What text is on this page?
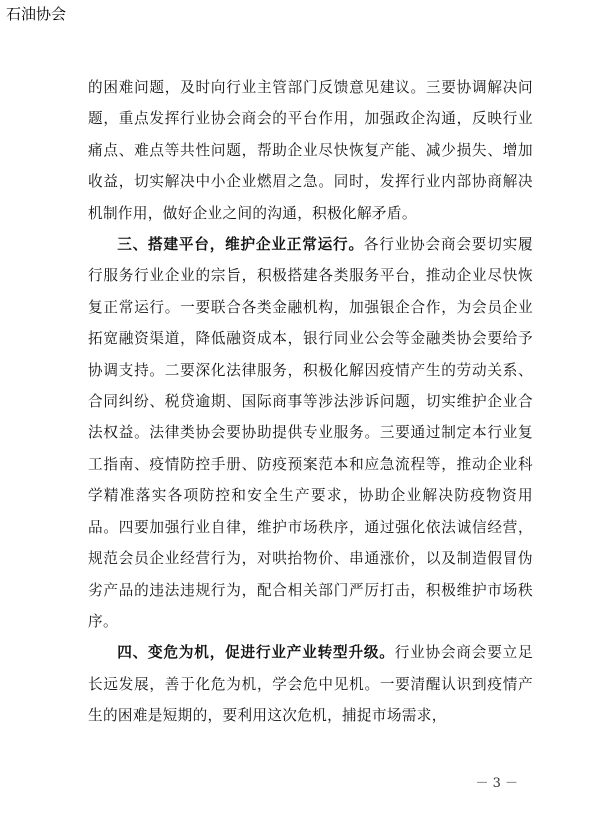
石油协会

的困难问题，及时向行业主管部门反馈意见建议。三要协调解决问题，重点发挥行业协会商会的平台作用，加强政企沟通，反映行业痛点、难点等共性问题，帮助企业尽快恢复产能、减少损失、增加收益，切实解决中小企业燃眉之急。同时，发挥行业内部协商解决机制作用，做好企业之间的沟通，积极化解矛盾。

三、搭建平台，维护企业正常运行。各行业协会商会要切实履行服务行业企业的宗旨，积极搭建各类服务平台，推动企业尽快恢复正常运行。一要联合各类金融机构，加强银企合作，为会员企业拓宽融资渠道，降低融资成本，银行同业公会等金融类协会要给予协调支持。二要深化法律服务，积极化解因疫情产生的劳动关系、合同纠纷、税贷逾期、国际商事等涉法涉诉问题，切实维护企业合法权益。法律类协会要协助提供专业服务。三要通过制定本行业复工指南、疫情防控手册、防疫预案范本和应急流程等，推动企业科学精准落实各项防控和安全生产要求，协助企业解决防疫物资用品。四要加强行业自律，维护市场秩序，通过强化依法诚信经营，规范会员企业经营行为，对哄抬物价、串通涨价，以及制造假冒伪劣产品的违法违规行为，配合相关部门严厉打击，积极维护市场秩序。

四、变危为机，促进行业产业转型升级。行业协会商会要立足长远发展，善于化危为机，学会危中见机。一要清醒认识到疫情产生的困难是短期的，要利用这次危机，捕捉市场需求，

－ 3 －
